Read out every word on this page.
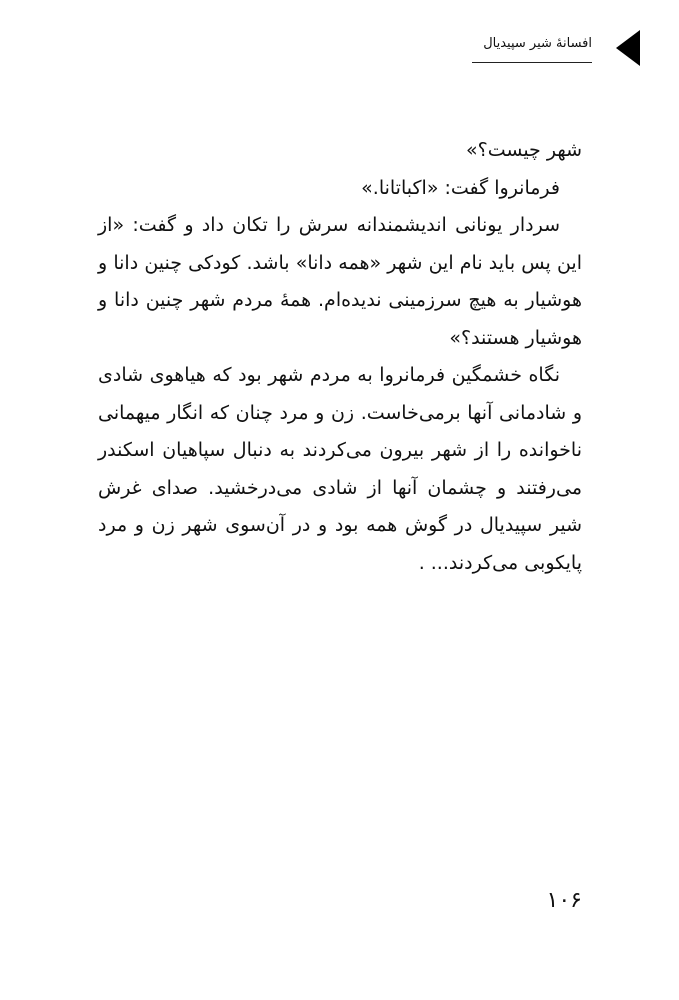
افسانهٔ شیر سپیدیال

شهر چیست؟»

فرمانروا گفت: «اکباتانا.»

سردار یونانی اندیشمندانه سرش را تکان داد و گفت: «از این پس باید نام این شهر «همه دانا» باشد. کودکی چنین دانا و هوشیار به هیچ سرزمینی ندیده‌ام. همهٔ مردم شهر چنین دانا و هوشیار هستند؟»

نگاه خشمگین فرمانروا به مردم شهر بود که هیاهوی شادی و شادمانی آنها برمی‌خاست. زن و مرد چنان که انگار میهمانی ناخوانده را از شهر بیرون می‌کردند به دنبال سپاهیان اسکندر می‌رفتند و چشمان آنها از شادی می‌درخشید. صدای غرش شیر سپیدیال در گوش همه بود و در آن‌سوی شهر زن و مرد پایکوبی می‌کردند... .

۱۰۶
